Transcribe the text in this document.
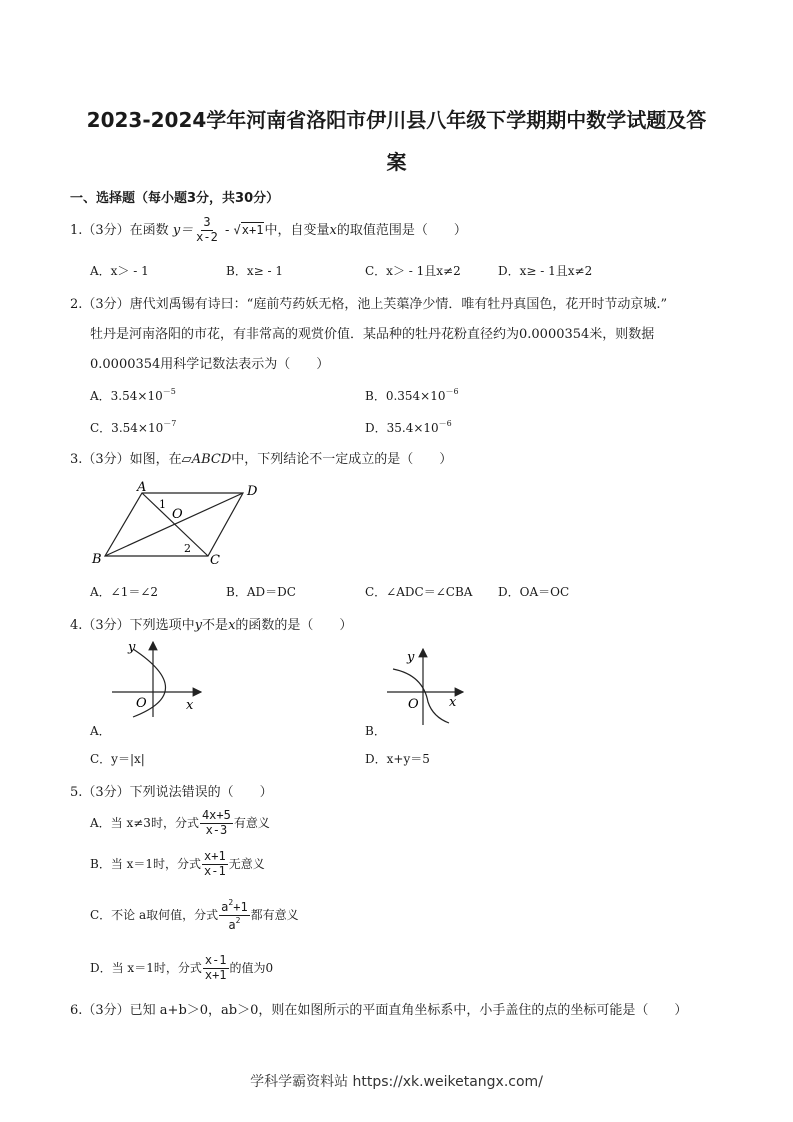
2023-2024学年河南省洛阳市伊川县八年级下学期期中数学试题及答
案
一、选择题（每小题3分，共30分）
1.（3分）在函数 $y= \frac{3}{x-2} - √x+1$中，自变量x的取值范围是（　　）
A．x＞ - 1	B．x≥ - 1	C．x＞ - 1且x≠2	D．x≥ - 1且x≠2
2.（3分）唐代刘禹锡有诗曰：“庭前芍药妖无格，池上芙蕖净少情．唯有牡丹真国色，花开时节动京城.”
牡丹是河南洛阳的市花，有非常高的观赏价值．某品种的牡丹花粉直径约为0.0000354米，则数据
0.0000354用科学记数法表示为（　　）
A．$3.54\times 10^{-5}$	B．$0.354\times 10^{-6}$
C．$3.54\times 10^{-7}$	D．$35.4\times 10^{-6}$
3.（3分）如图，在▱ABCD中，下列结论不一定成立的是（　　）
A	D
B	C
O
1
2
A．∠1＝∠2	B．AD＝DC	C．∠ADC＝∠CBA D．OA＝OC
4.（3分）下列选项中y不是x的函数的是（　　）
y
x
O
y
x
O
A．	B．
C．y＝|x|	D．x+y＝5
5.（3分）下列说法错误的（　　）
A．当 x≠3时，分式 $\frac{4x+5}{x-3}$ 有意义
B．当 x＝1时，分式 $\frac{x+1}{x-1}$ 无意义
C．不论 a取何值，分式 $\frac{a^2+1}{a^2}$ 都有意义
D．当 x＝1时，分式 $\frac{x-1}{x+1}$ 的值为0
6.（3分）已知 a+b＞0，ab＞0，则在如图所示的平面直角坐标系中，小手盖住的点的坐标可能是（　　）
学科学霸资料站 https://xk.weiketangx.com/
